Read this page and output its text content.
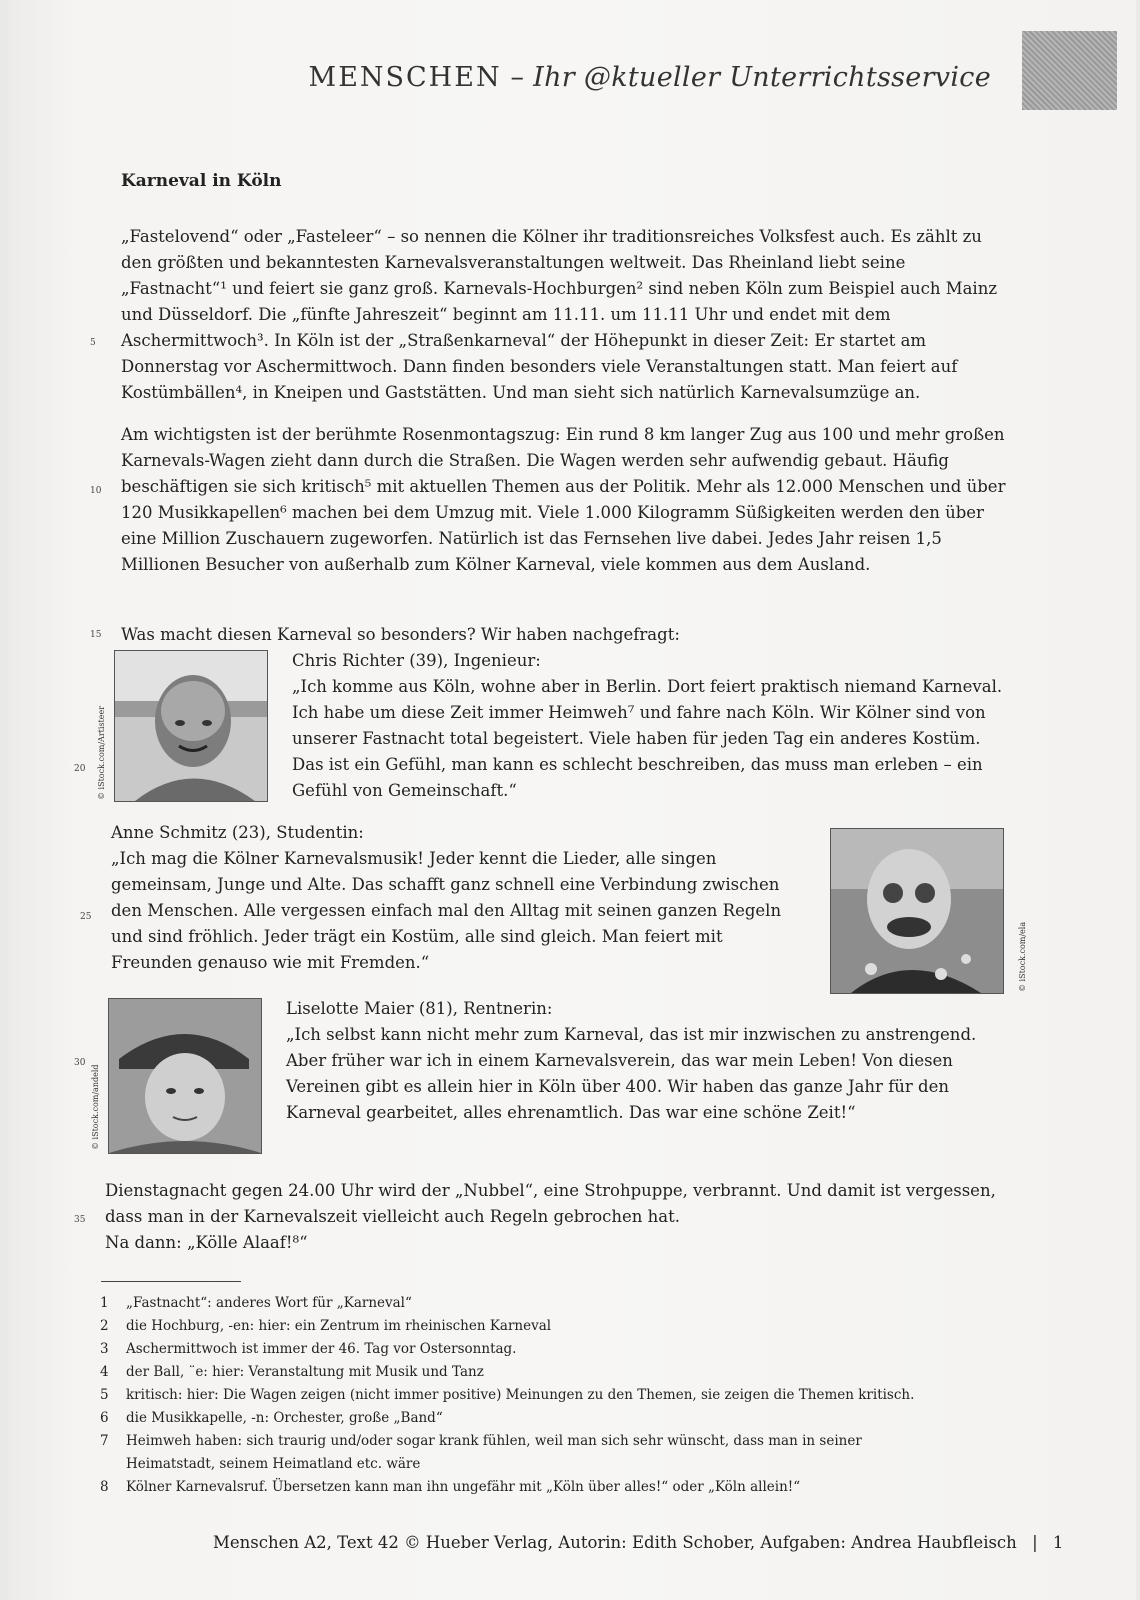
MENSCHEN – Ihr @ktueller Unterrichtsservice
Karneval in Köln

„Fastelovend“ oder „Fasteleer“ – so nennen die Kölner ihr traditionsreiches Volksfest auch. Es zählt zu den größten und bekanntesten Karnevalsveranstaltungen weltweit. Das Rheinland liebt seine „Fastnacht“¹ und feiert sie ganz groß. Karnevals-Hochburgen² sind neben Köln zum Beispiel auch Mainz und Düsseldorf. Die „fünfte Jahreszeit“ beginnt am 11.11. um 11.11 Uhr und endet mit dem Aschermittwoch³. In Köln ist der „Straßenkarneval“ der Höhepunkt in dieser Zeit: Er startet am Donnerstag vor Aschermittwoch. Dann finden besonders viele Veranstaltungen statt. Man feiert auf Kostümbällen⁴, in Kneipen und Gaststätten. Und man sieht sich natürlich Karnevalsumzüge an.

Am wichtigsten ist der berühmte Rosenmontagszug: Ein rund 8 km langer Zug aus 100 und mehr großen Karnevals-Wagen zieht dann durch die Straßen. Die Wagen werden sehr aufwendig gebaut. Häufig beschäftigen sie sich kritisch⁵ mit aktuellen Themen aus der Politik. Mehr als 12.000 Menschen und über 120 Musikkapellen⁶ machen bei dem Umzug mit. Viele 1.000 Kilogramm Süßigkeiten werden den über eine Million Zuschauern zugeworfen. Natürlich ist das Fernsehen live dabei. Jedes Jahr reisen 1,5 Millionen Besucher von außerhalb zum Kölner Karneval, viele kommen aus dem Ausland.

Was macht diesen Karneval so besonders? Wir haben nachgefragt:

5
10
15
20
25
30
35
© iStock.com/Artisteer
Chris Richter (39), Ingenieur:
„Ich komme aus Köln, wohne aber in Berlin. Dort feiert praktisch niemand Karneval. Ich habe um diese Zeit immer Heimweh⁷ und fahre nach Köln. Wir Kölner sind von unserer Fastnacht total begeistert. Viele haben für jeden Tag ein anderes Kostüm. Das ist ein Gefühl, man kann es schlecht beschreiben, das muss man erleben – ein Gefühl von Gemeinschaft.“
Anne Schmitz (23), Studentin:
„Ich mag die Kölner Karnevalsmusik! Jeder kennt die Lieder, alle singen gemeinsam, Junge und Alte. Das schafft ganz schnell eine Verbindung zwischen den Menschen. Alle vergessen einfach mal den Alltag mit seinen ganzen Regeln und sind fröhlich. Jeder trägt ein Kostüm, alle sind gleich. Man feiert mit Freunden genauso wie mit Fremden.“	© iStock.com/ela
© iStock.com/andeld
Liselotte Maier (81), Rentnerin:
„Ich selbst kann nicht mehr zum Karneval, das ist mir inzwischen zu anstrengend. Aber früher war ich in einem Karnevalsverein, das war mein Leben! Von diesen Vereinen gibt es allein hier in Köln über 400. Wir haben das ganze Jahr für den Karneval gearbeitet, alles ehrenamtlich. Das war eine schöne Zeit!“
Dienstagnacht gegen 24.00 Uhr wird der „Nubbel“, eine Strohpuppe, verbrannt. Und damit ist vergessen, dass man in der Karnevalszeit vielleicht auch Regeln gebrochen hat.
Na dann: „Kölle Alaaf!⁸“
1 „Fastnacht“: anderes Wort für „Karneval“
2 die Hochburg, -en: hier: ein Zentrum im rheinischen Karneval
3 Aschermittwoch ist immer der 46. Tag vor Ostersonntag.
4 der Ball, ¨e: hier: Veranstaltung mit Musik und Tanz
5 kritisch: hier: Die Wagen zeigen (nicht immer positive) Meinungen zu den Themen, sie zeigen die Themen kritisch.
6 die Musikkapelle, -n: Orchester, große „Band“
7 Heimweh haben: sich traurig und/oder sogar krank fühlen, weil man sich sehr wünscht, dass man in seiner
Heimatstadt, seinem Heimatland etc. wäre
8 Kölner Karnevalsruf. Übersetzen kann man ihn ungefähr mit „Köln über alles!“ oder „Köln allein!“
Menschen A2, Text 42 © Hueber Verlag, Autorin: Edith Schober, Aufgaben: Andrea Haubfleisch | 1
